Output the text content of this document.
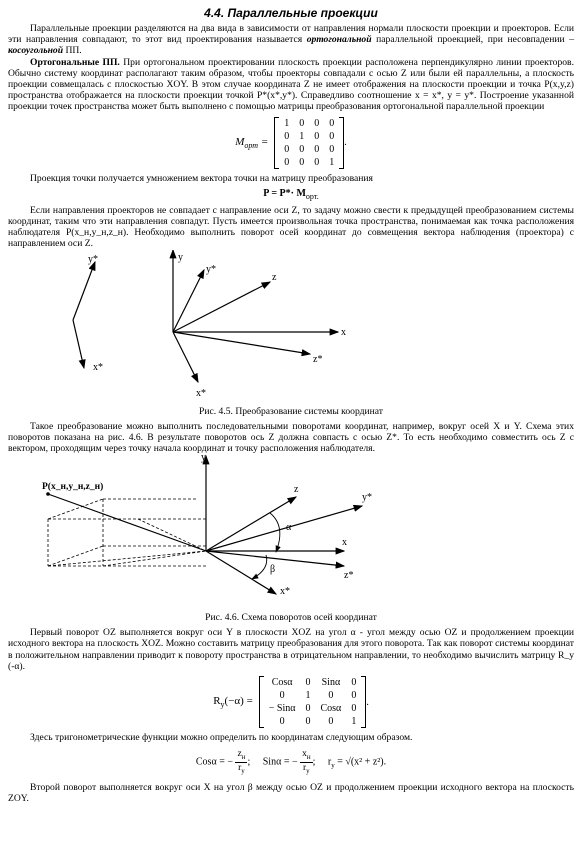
4.4. Параллельные проекции

Параллельные проекции разделяются на два вида в зависимости от направления нормали плоскости проекции и проекторов. Если эти направления совпадают, то этот вид проектирования называется ортогональной параллельной проекцией, при несовпадении – косоугольной ПП.

Ортогональные ПП. При ортогональном проектировании плоскость проекции расположена перпендикулярно линии проекторов. Обычно систему координат располагают таким образом, чтобы проекторы совпадали с осью Z или были ей параллельны, а плоскость проекции совмещалась с плоскостью XOY. В этом случае координата Z не имеет отображения на плоскости проекции и точка P(x,y,z) пространства отображается на плоскости проекции точкой P*(x*,y*). Справедливо соотношение x = x*, y = y*. Построение указанной проекции точек пространства может быть выполнено с помощью матрицы преобразования ортогональной параллельной проекции

$M_{орт}$ =
1	0	0	0
0	1	0	0
0	0	0	0
0	0	0	1
.

Проекция точки получается умножением вектора точки на матрицу преобразования

$P = P*\cdot M_{орт.}$

Если направления проекторов не совпадает с направление оси Z, то задачу можно свести к предыдущей преобразованием системы координат, таким что эти направления совпадут. Пусть имеется произвольная точка пространства, понимаемая как точка расположения наблюдателя P(x_н,y_н,z_н). Необходимо выполнить поворот осей координат до совмещения вектора наблюдения (проектора) с направлением оси Z.

y*
x*
y
x
z
y*
z*
x*
Рис. 4.5. Преобразование системы координат

Такое преобразование можно выполнить последовательными поворотами координат, например, вокруг осей X и Y. Схема этих поворотов показана на рис. 4.6. В результате поворотов ось Z должна совпасть с осью Z*. То есть необходимо совместить ось Z с вектором, проходящим через точку начала координат и точку расположения наблюдателя.

P(x_н,y_н,z_н)
y
x
z
y*
z*
x*
α
β
Рис. 4.6. Схема поворотов осей координат

Первый поворот OZ выполняется вокруг оси Y в плоскости XOZ на угол α - угол между осью OZ и продолжением проекции исходного вектора на плоскость XOZ. Можно составить матрицу преобразования для этого поворота. Так как поворот системы координат в положительном направлении приводит к повороту пространства в отрицательном направлении, то необходимо вычислить матрицу R_y (-α).

$R_y(-\alpha)$ =
Cosα	0	Sinα	0
0	1	0	0
− Sinα	0	Cosα	0
0	0	0	1
.

Здесь тригонометрические функции можно определить по координатам следующим образом.

Cosα = − $\frac{z_н}{r_y}$;     Sinα = − $\frac{x_н}{r_y}$;     $r_y = √(x^2 + z^2)$.

Второй поворот выполняется вокруг оси X на угол β между осью OZ и продолжением проекции исходного вектора на плоскость ZOY.
